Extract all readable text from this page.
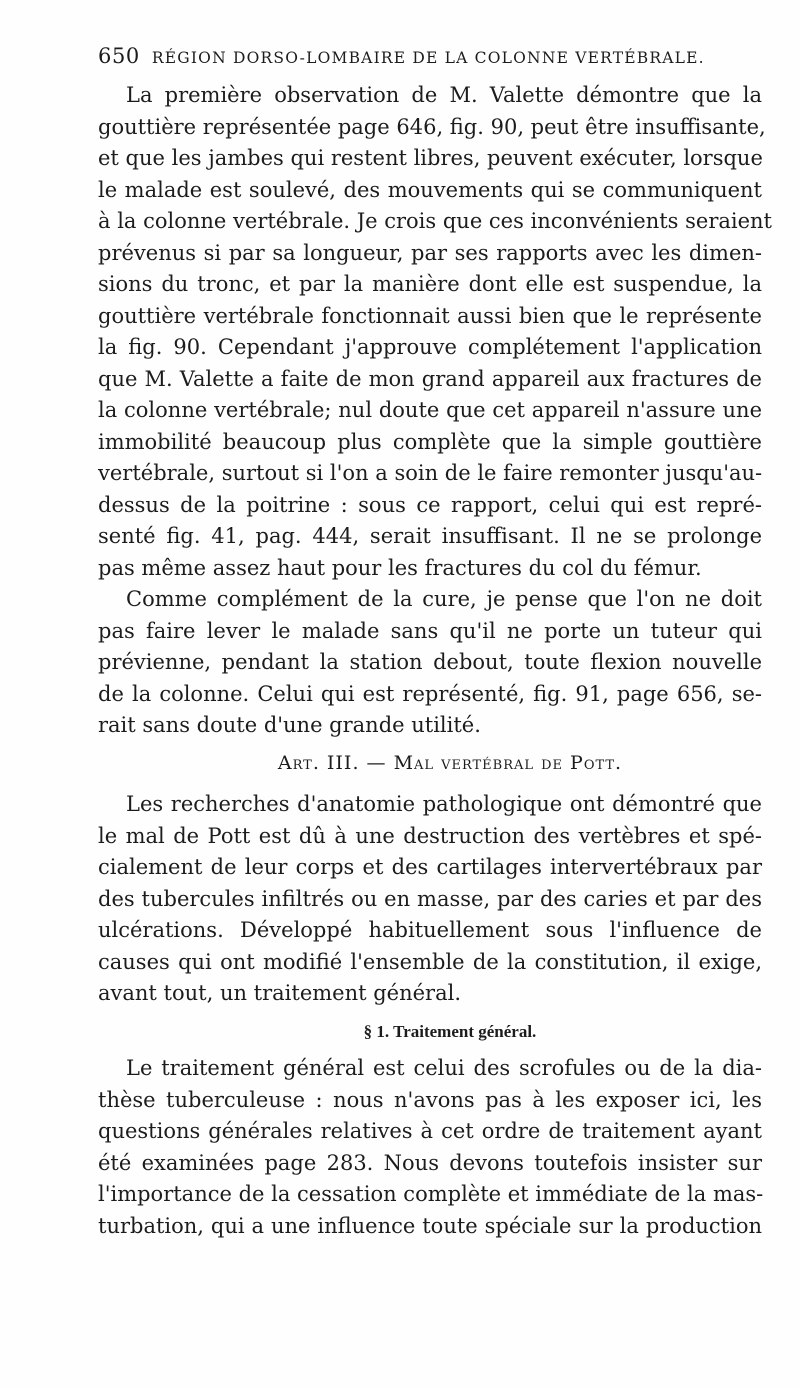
650 RÉGION DORSO-LOMBAIRE DE LA COLONNE VERTÉBRALE.
La première observation de M. Valette démontre que la
gouttière représentée page 646, fig. 90, peut être insuffisante,
et que les jambes qui restent libres, peuvent exécuter, lorsque
le malade est soulevé, des mouvements qui se communiquent
à la colonne vertébrale. Je crois que ces inconvénients seraient
prévenus si par sa longueur, par ses rapports avec les dimen-
sions du tronc, et par la manière dont elle est suspendue, la
gouttière vertébrale fonctionnait aussi bien que le représente
la fig. 90. Cependant j'approuve complétement l'application
que M. Valette a faite de mon grand appareil aux fractures de
la colonne vertébrale; nul doute que cet appareil n'assure une
immobilité beaucoup plus complète que la simple gouttière
vertébrale, surtout si l'on a soin de le faire remonter jusqu'au-
dessus de la poitrine : sous ce rapport, celui qui est repré-
senté fig. 41, pag. 444, serait insuffisant. Il ne se prolonge
pas même assez haut pour les fractures du col du fémur.
Comme complément de la cure, je pense que l'on ne doit
pas faire lever le malade sans qu'il ne porte un tuteur qui
prévienne, pendant la station debout, toute flexion nouvelle
de la colonne. Celui qui est représenté, fig. 91, page 656, se-
rait sans doute d'une grande utilité.
Art. III. — Mal vertébral de Pott.
Les recherches d'anatomie pathologique ont démontré que
le mal de Pott est dû à une destruction des vertèbres et spé-
cialement de leur corps et des cartilages intervertébraux par
des tubercules infiltrés ou en masse, par des caries et par des
ulcérations. Développé habituellement sous l'influence de
causes qui ont modifié l'ensemble de la constitution, il exige,
avant tout, un traitement général.
§ 1. Traitement général.
Le traitement général est celui des scrofules ou de la dia-
thèse tuberculeuse : nous n'avons pas à les exposer ici, les
questions générales relatives à cet ordre de traitement ayant
été examinées page 283. Nous devons toutefois insister sur
l'importance de la cessation complète et immédiate de la mas-
turbation, qui a une influence toute spéciale sur la production
